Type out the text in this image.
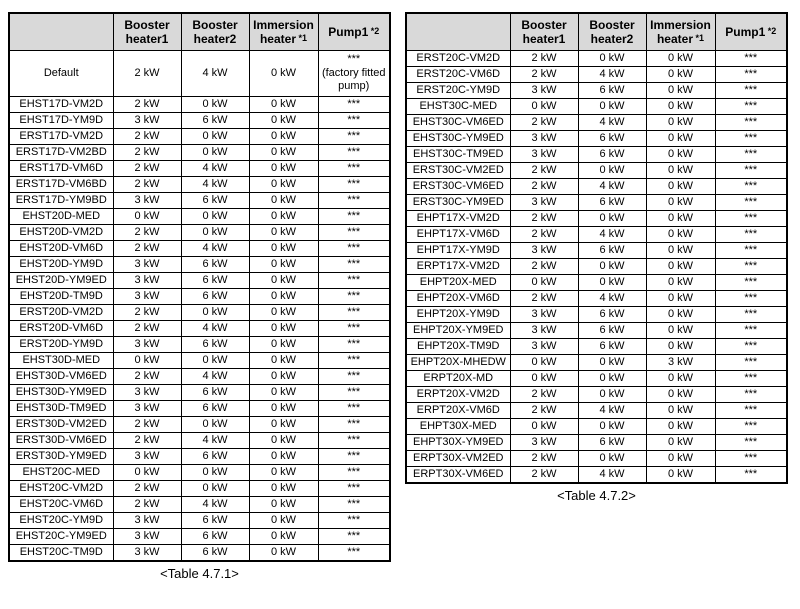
	Booster heater1	Booster heater2	Immersion heater *1	Pump1 *2
Default	2 kW	4 kW	0 kW	***
(factory fitted pump)

EHST17D-VM2D	2 kW	0 kW	0 kW	***
EHST17D-YM9D	3 kW	6 kW	0 kW	***
ERST17D-VM2D	2 kW	0 kW	0 kW	***
ERST17D-VM2BD	2 kW	0 kW	0 kW	***
ERST17D-VM6D	2 kW	4 kW	0 kW	***
ERST17D-VM6BD	2 kW	4 kW	0 kW	***
ERST17D-YM9BD	3 kW	6 kW	0 kW	***
EHST20D-MED	0 kW	0 kW	0 kW	***
EHST20D-VM2D	2 kW	0 kW	0 kW	***
EHST20D-VM6D	2 kW	4 kW	0 kW	***
EHST20D-YM9D	3 kW	6 kW	0 kW	***
EHST20D-YM9ED	3 kW	6 kW	0 kW	***
EHST20D-TM9D	3 kW	6 kW	0 kW	***
ERST20D-VM2D	2 kW	0 kW	0 kW	***
ERST20D-VM6D	2 kW	4 kW	0 kW	***
ERST20D-YM9D	3 kW	6 kW	0 kW	***
EHST30D-MED	0 kW	0 kW	0 kW	***
EHST30D-VM6ED	2 kW	4 kW	0 kW	***
EHST30D-YM9ED	3 kW	6 kW	0 kW	***
EHST30D-TM9ED	3 kW	6 kW	0 kW	***
ERST30D-VM2ED	2 kW	0 kW	0 kW	***
ERST30D-VM6ED	2 kW	4 kW	0 kW	***
ERST30D-YM9ED	3 kW	6 kW	0 kW	***
EHST20C-MED	0 kW	0 kW	0 kW	***
EHST20C-VM2D	2 kW	0 kW	0 kW	***
EHST20C-VM6D	2 kW	4 kW	0 kW	***
EHST20C-YM9D	3 kW	6 kW	0 kW	***
EHST20C-YM9ED	3 kW	6 kW	0 kW	***
EHST20C-TM9D	3 kW	6 kW	0 kW	***
<Table 4.7.1>
	Booster heater1	Booster heater2	Immersion heater *1	Pump1 *2
ERST20C-VM2D	2 kW	0 kW	0 kW	***
ERST20C-VM6D	2 kW	4 kW	0 kW	***
ERST20C-YM9D	3 kW	6 kW	0 kW	***
EHST30C-MED	0 kW	0 kW	0 kW	***
EHST30C-VM6ED	2 kW	4 kW	0 kW	***
EHST30C-YM9ED	3 kW	6 kW	0 kW	***
EHST30C-TM9ED	3 kW	6 kW	0 kW	***
ERST30C-VM2ED	2 kW	0 kW	0 kW	***
ERST30C-VM6ED	2 kW	4 kW	0 kW	***
ERST30C-YM9ED	3 kW	6 kW	0 kW	***
EHPT17X-VM2D	2 kW	0 kW	0 kW	***
EHPT17X-VM6D	2 kW	4 kW	0 kW	***
EHPT17X-YM9D	3 kW	6 kW	0 kW	***
ERPT17X-VM2D	2 kW	0 kW	0 kW	***
EHPT20X-MED	0 kW	0 kW	0 kW	***
EHPT20X-VM6D	2 kW	4 kW	0 kW	***
EHPT20X-YM9D	3 kW	6 kW	0 kW	***
EHPT20X-YM9ED	3 kW	6 kW	0 kW	***
EHPT20X-TM9D	3 kW	6 kW	0 kW	***
EHPT20X-MHEDW	0 kW	0 kW	3 kW	***
ERPT20X-MD	0 kW	0 kW	0 kW	***
ERPT20X-VM2D	2 kW	0 kW	0 kW	***
ERPT20X-VM6D	2 kW	4 kW	0 kW	***
EHPT30X-MED	0 kW	0 kW	0 kW	***
EHPT30X-YM9ED	3 kW	6 kW	0 kW	***
ERPT30X-VM2ED	2 kW	0 kW	0 kW	***
ERPT30X-VM6ED	2 kW	4 kW	0 kW	***
<Table 4.7.2>
